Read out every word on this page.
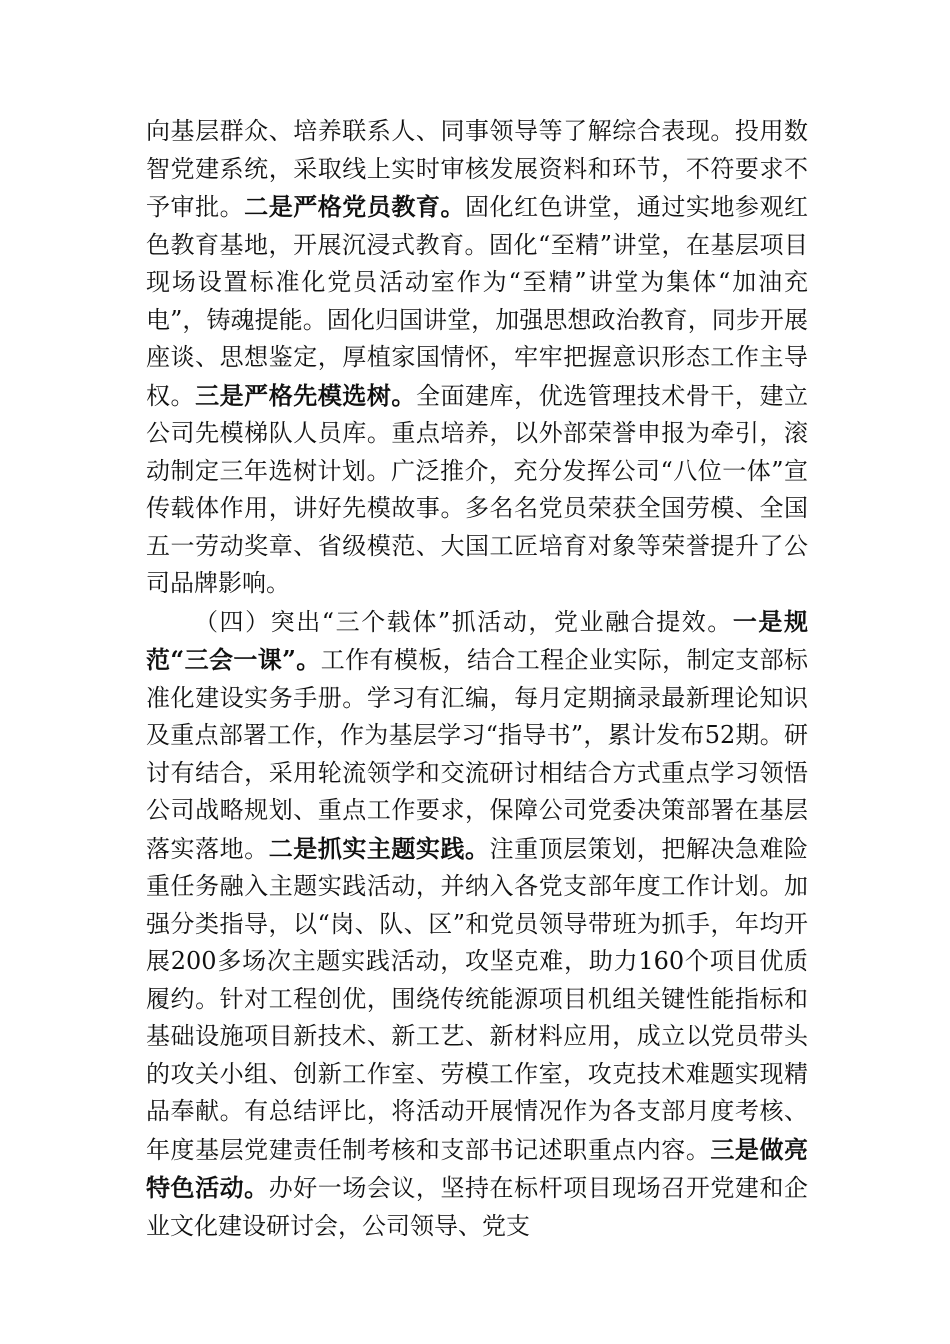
向基层群众、培养联系人、同事领导等了解综合表现。投用数智党建系统，采取线上实时审核发展资料和环节，不符要求不予审批。二是严格党员教育。固化红色讲堂，通过实地参观红色教育基地，开展沉浸式教育。固化“至精”讲堂，在基层项目现场设置标准化党员活动室作为“至精”讲堂为集体“加油充电”，铸魂提能。固化归国讲堂，加强思想政治教育，同步开展座谈、思想鉴定，厚植家国情怀，牢牢把握意识形态工作主导权。三是严格先模选树。全面建库，优选管理技术骨干，建立公司先模梯队人员库。重点培养，以外部荣誉申报为牵引，滚动制定三年选树计划。广泛推介，充分发挥公司“八位一体”宣传载体作用，讲好先模故事。多名名党员荣获全国劳模、全国五一劳动奖章、省级模范、大国工匠培育对象等荣誉提升了公司品牌影响。

（四）突出“三个载体”抓活动，党业融合提效。一是规范“三会一课”。工作有模板，结合工程企业实际，制定支部标准化建设实务手册。学习有汇编，每月定期摘录最新理论知识及重点部署工作，作为基层学习“指导书”，累计发布52期。研讨有结合，采用轮流领学和交流研讨相结合方式重点学习领悟公司战略规划、重点工作要求，保障公司党委决策部署在基层落实落地。二是抓实主题实践。注重顶层策划，把解决急难险重任务融入主题实践活动，并纳入各党支部年度工作计划。加强分类指导，以“岗、队、区”和党员领导带班为抓手，年均开展200多场次主题实践活动，攻坚克难，助力160个项目优质履约。针对工程创优，围绕传统能源项目机组关键性能指标和基础设施项目新技术、新工艺、新材料应用，成立以党员带头的攻关小组、创新工作室、劳模工作室，攻克技术难题实现精品奉献。有总结评比，将活动开展情况作为各支部月度考核、年度基层党建责任制考核和支部书记述职重点内容。三是做亮特色活动。办好一场会议，坚持在标杆项目现场召开党建和企业文化建设研讨会，公司领导、党支
